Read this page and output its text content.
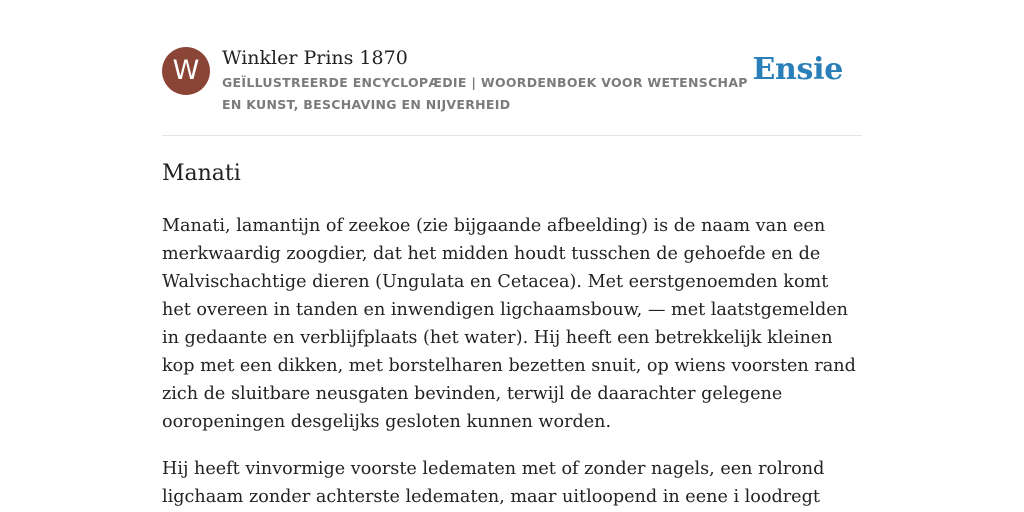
W	Winkler Prins 1870
GEÏLLUSTREERDE ENCYCLOPÆDIE | WOORDENBOEK VOOR WETENSCHAP EN KUNST, BESCHAVING EN NIJVERHEID
Ensie
Manati

Manati, lamantijn of zeekoe (zie bijgaande afbeelding) is de naam van een merkwaardig zoogdier, dat het midden houdt tusschen de gehoefde en de Walvischachtige dieren (Ungulata en Cetacea). Met eerstgenoemden komt het overeen in tanden en inwendigen ligchaamsbouw, — met laatstgemelden in gedaante en verblijfplaats (het water). Hij heeft een betrekkelijk kleinen kop met een dikken, met borstelharen bezetten snuit, op wiens voorsten rand zich de sluitbare neusgaten bevinden, terwijl de daarachter gelegene ooropeningen desgelijks gesloten kunnen worden.

Hij heeft vinvormige voorste ledematen met of zonder nagels, een rolrond ligchaam zonder achterste ledematen, maar uitloopend in eene i loodregt
